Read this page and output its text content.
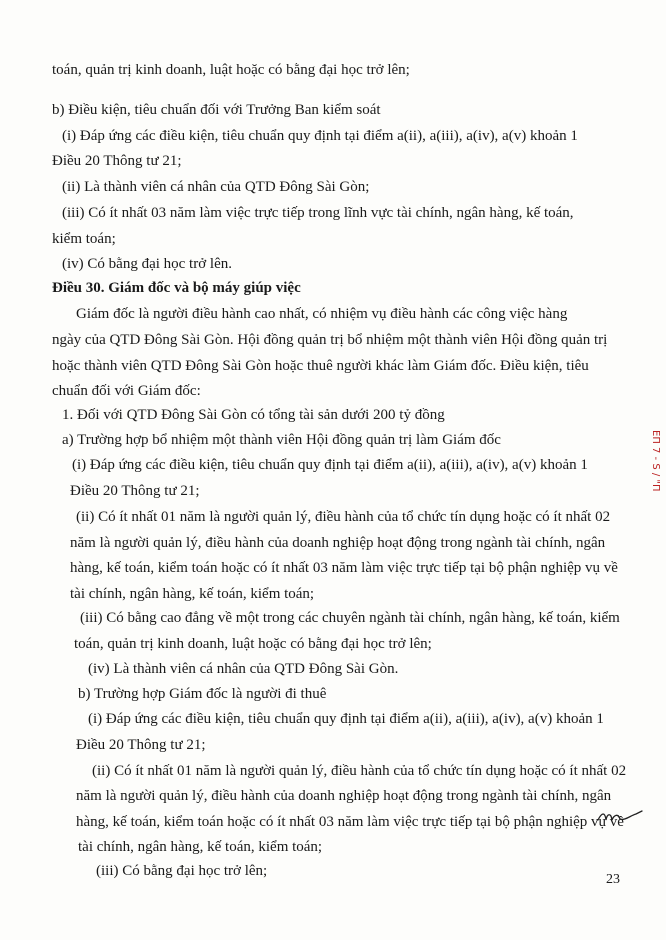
toán, quản trị kinh doanh, luật hoặc có bằng đại học trở lên;
b) Điều kiện, tiêu chuẩn đối với Trưởng Ban kiểm soát
(i) Đáp ứng các điều kiện, tiêu chuẩn quy định tại điểm a(ii), a(iii), a(iv), a(v) khoản 1
Điều 20 Thông tư 21;
(ii) Là thành viên cá nhân của QTD Đông Sài Gòn;
(iii) Có ít nhất 03 năm làm việc trực tiếp trong lĩnh vực tài chính, ngân hàng, kế toán,
kiểm toán;
(iv) Có bằng đại học trở lên.
Điều 30. Giám đốc và bộ máy giúp việc
Giám đốc là người điều hành cao nhất, có nhiệm vụ điều hành các công việc hàng
ngày của QTD Đông Sài Gòn. Hội đồng quản trị bổ nhiệm một thành viên Hội đồng quản trị
hoặc thành viên QTD Đông Sài Gòn hoặc thuê người khác làm Giám đốc. Điều kiện, tiêu
chuẩn đối với Giám đốc:
1. Đối với QTD Đông Sài Gòn có tổng tài sản dưới 200 tỷ đồng
a) Trường hợp bổ nhiệm một thành viên Hội đồng quản trị làm Giám đốc
(i) Đáp ứng các điều kiện, tiêu chuẩn quy định tại điểm a(ii), a(iii), a(iv), a(v) khoản 1
Điều 20 Thông tư 21;
(ii) Có ít nhất 01 năm là người quản lý, điều hành của tổ chức tín dụng hoặc có ít nhất 02
năm là người quản lý, điều hành của doanh nghiệp hoạt động trong ngành tài chính, ngân
hàng, kế toán, kiểm toán hoặc có ít nhất 03 năm làm việc trực tiếp tại bộ phận nghiệp vụ về
tài chính, ngân hàng, kế toán, kiểm toán;
(iii) Có bằng cao đẳng về một trong các chuyên ngành tài chính, ngân hàng, kế toán, kiểm
toán, quản trị kinh doanh, luật hoặc có bằng đại học trở lên;
(iv) Là thành viên cá nhân của QTD Đông Sài Gòn.
b) Trường hợp Giám đốc là người đi thuê
(i) Đáp ứng các điều kiện, tiêu chuẩn quy định tại điểm a(ii), a(iii), a(iv), a(v) khoản 1
Điều 20 Thông tư 21;
(ii) Có ít nhất 01 năm là người quản lý, điều hành của tổ chức tín dụng hoặc có ít nhất 02
năm là người quản lý, điều hành của doanh nghiệp hoạt động trong ngành tài chính, ngân
hàng, kế toán, kiểm toán hoặc có ít nhất 03 năm làm việc trực tiếp tại bộ phận nghiệp vụ về
tài chính, ngân hàng, kế toán, kiểm toán;
(iii) Có bằng đại học trở lên;
23
ΕΠ 7 - S / "Π
